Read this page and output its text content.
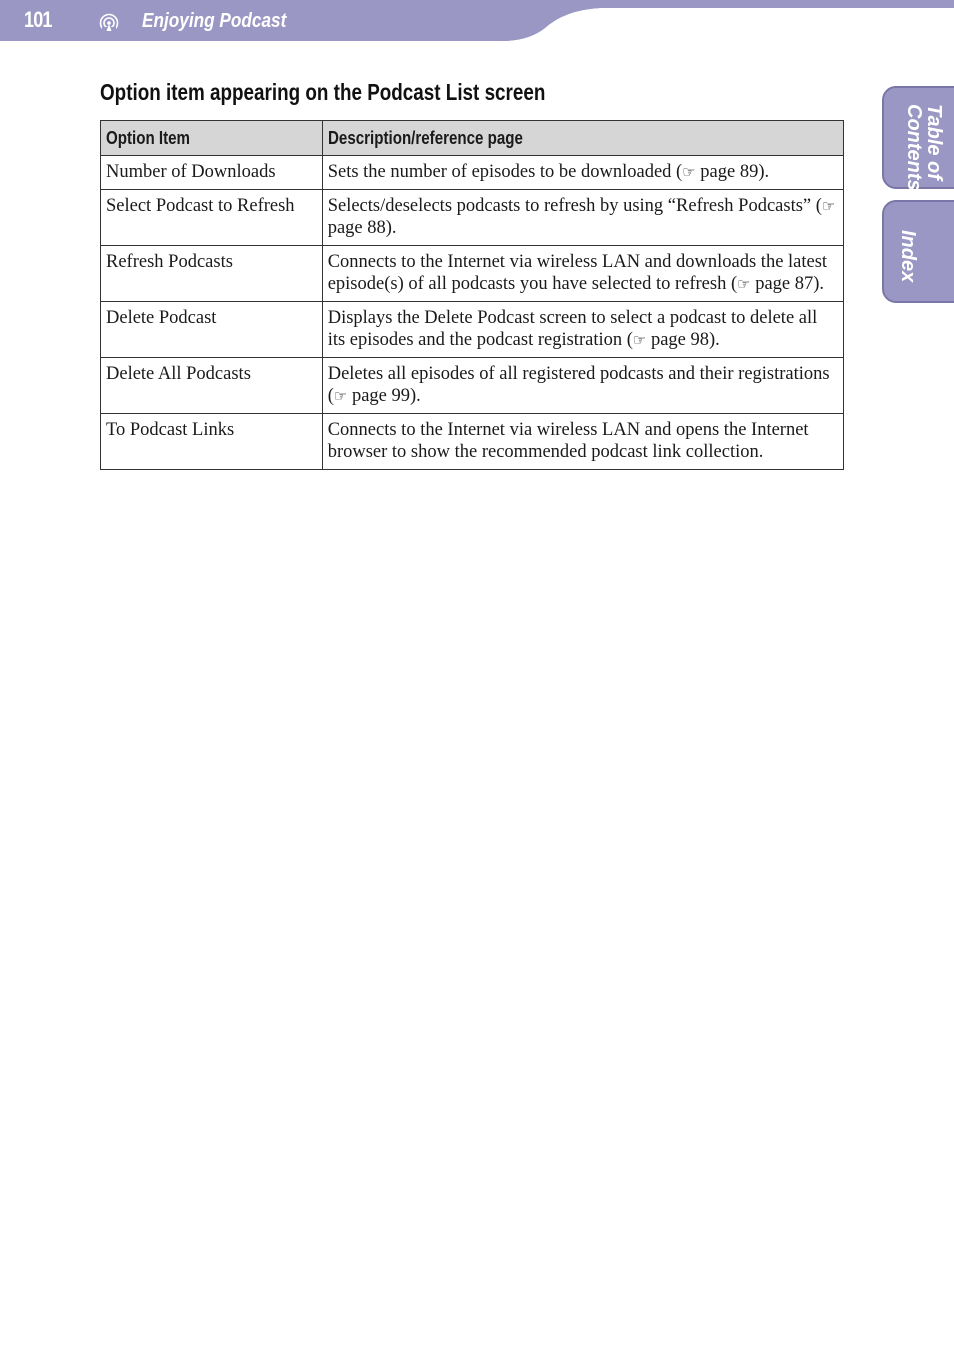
101	Enjoying Podcast
Table of
Contents
Index
Option item appearing on the Podcast List screen
Option Item	Description/reference page
Number of Downloads	Sets the number of episodes to be downloaded (☞ page 89).
Select Podcast to Refresh	Selects/deselects podcasts to refresh by using “Refresh Podcasts” (☞ page 88).
Refresh Podcasts	Connects to the Internet via wireless LAN and downloads the latest episode(s) of all podcasts you have selected to refresh (☞ page 87).
Delete Podcast	Displays the Delete Podcast screen to select a podcast to delete all its episodes and the podcast registration (☞ page 98).
Delete All Podcasts	Deletes all episodes of all registered podcasts and their registrations (☞ page 99).
To Podcast Links	Connects to the Internet via wireless LAN and opens the Internet browser to show the recommended podcast link collection.
